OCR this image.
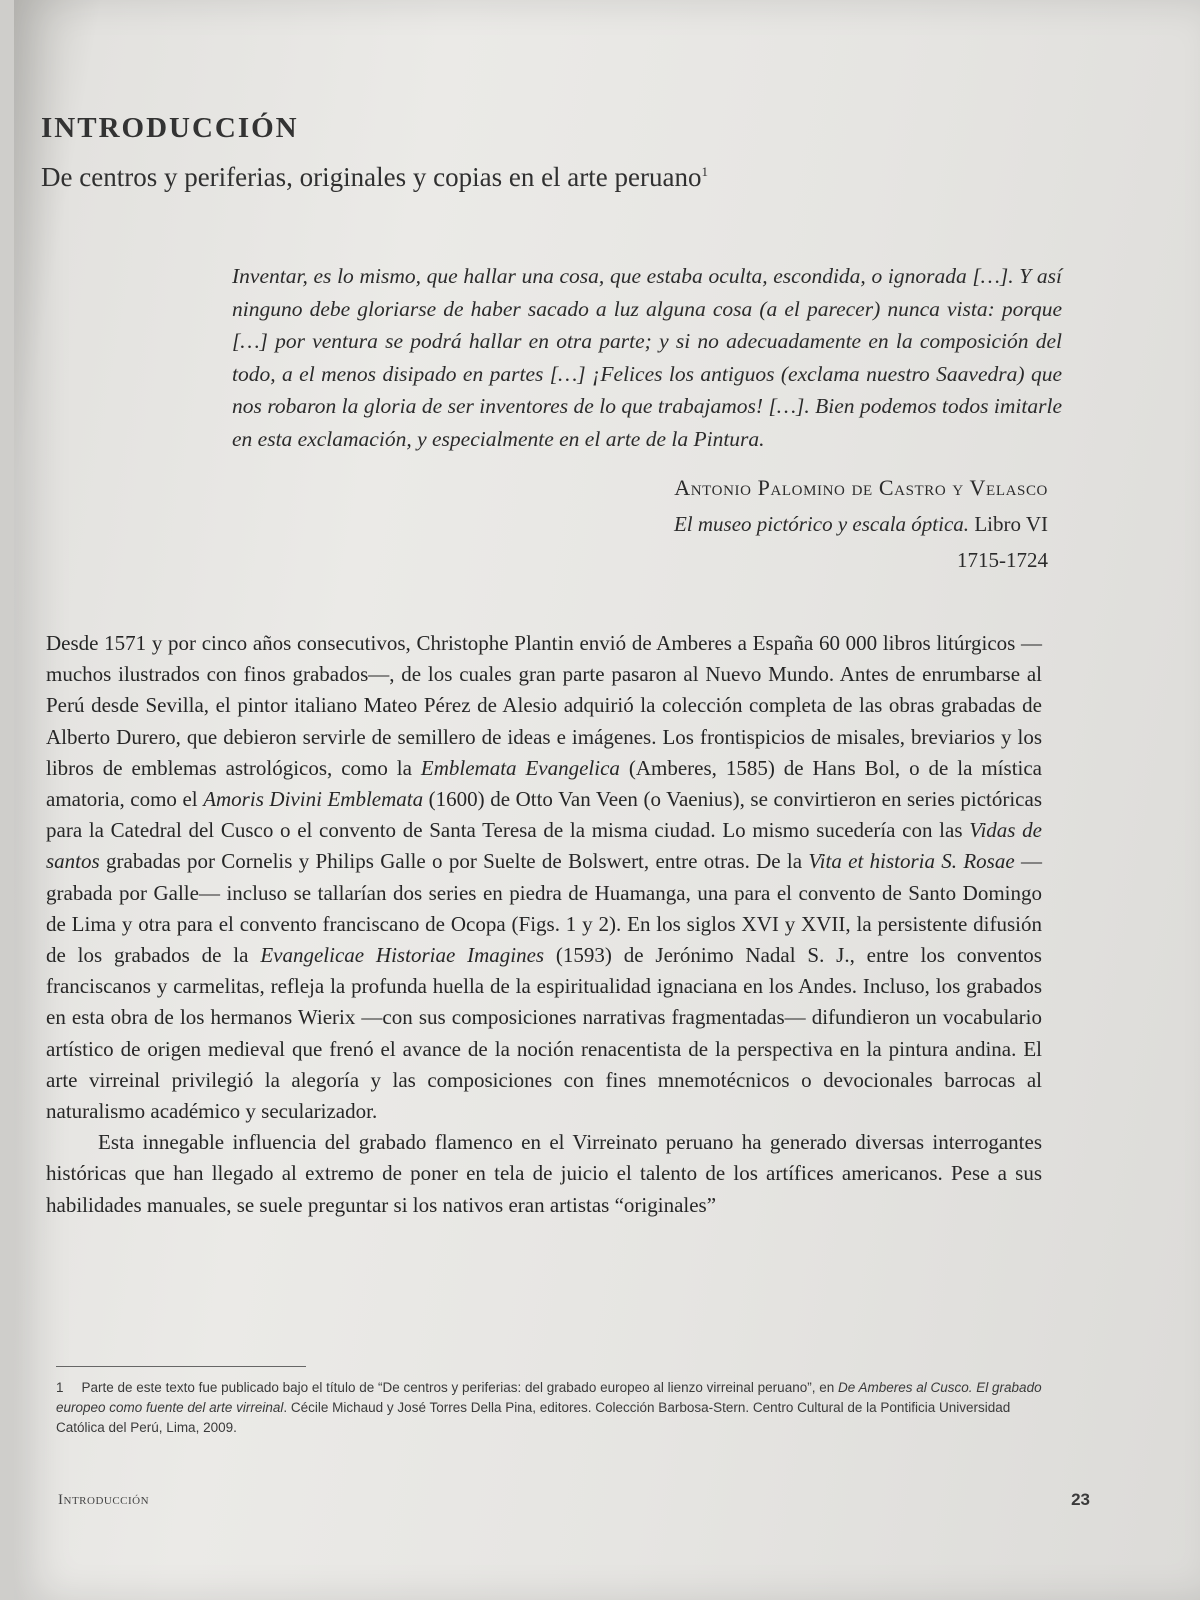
INTRODUCCIÓN
De centros y periferias, originales y copias en el arte peruano$^1$
Inventar, es lo mismo, que hallar una cosa, que estaba oculta, escondida, o ignorada […]. Y así ninguno debe gloriarse de haber sacado a luz alguna cosa (a el parecer) nunca vista: porque […] por ventura se podrá hallar en otra parte; y si no adecuadamente en la composición del todo, a el menos disipado en partes […] ¡Felices los antiguos (exclama nuestro Saavedra) que nos robaron la gloria de ser inventores de lo que trabajamos! […]. Bien podemos todos imitarle en esta exclamación, y especialmente en el arte de la Pintura.
Antonio Palomino de Castro y Velasco
El museo pictórico y escala óptica. Libro VI
1715-1724

Desde 1571 y por cinco años consecutivos, Christophe Plantin envió de Amberes a España 60 000 libros litúrgicos —muchos ilustrados con finos grabados—, de los cuales gran parte pasaron al Nuevo Mundo. Antes de enrumbarse al Perú desde Sevilla, el pintor italiano Mateo Pérez de Alesio adquirió la colección completa de las obras grabadas de Alberto Durero, que debieron servirle de semillero de ideas e imágenes. Los frontispicios de misales, breviarios y los libros de emblemas astrológicos, como la Emblemata Evangelica (Amberes, 1585) de Hans Bol, o de la mística amatoria, como el Amoris Divini Emblemata (1600) de Otto Van Veen (o Vaenius), se convirtieron en series pictóricas para la Catedral del Cusco o el convento de Santa Teresa de la misma ciudad. Lo mismo sucedería con las Vidas de santos grabadas por Cornelis y Philips Galle o por Suelte de Bolswert, entre otras. De la Vita et historia S. Rosae —grabada por Galle— incluso se tallarían dos series en piedra de Huamanga, una para el convento de Santo Domingo de Lima y otra para el convento franciscano de Ocopa (Figs. 1 y 2). En los siglos XVI y XVII, la persistente difusión de los grabados de la Evangelicae Historiae Imagines (1593) de Jerónimo Nadal S. J., entre los conventos franciscanos y carmelitas, refleja la profunda huella de la espiritualidad ignaciana en los Andes. Incluso, los grabados en esta obra de los hermanos Wierix —con sus composiciones narrativas fragmentadas— difundieron un vocabulario artístico de origen medieval que frenó el avance de la noción renacentista de la perspectiva en la pintura andina. El arte virreinal privilegió la alegoría y las composiciones con fines mnemotécnicos o devocionales barrocas al naturalismo académico y secularizador.

Esta innegable influencia del grabado flamenco en el Virreinato peruano ha generado diversas interrogantes históricas que han llegado al extremo de poner en tela de juicio el talento de los artífices americanos. Pese a sus habilidades manuales, se suele preguntar si los nativos eran artistas “originales”

1 Parte de este texto fue publicado bajo el título de “De centros y periferias: del grabado europeo al lienzo virreinal peruano”, en De Amberes al Cusco. El grabado europeo como fuente del arte virreinal. Cécile Michaud y José Torres Della Pina, editores. Colección Barbosa-Stern. Centro Cultural de la Pontificia Universidad Católica del Perú, Lima, 2009.
Introducción	23
